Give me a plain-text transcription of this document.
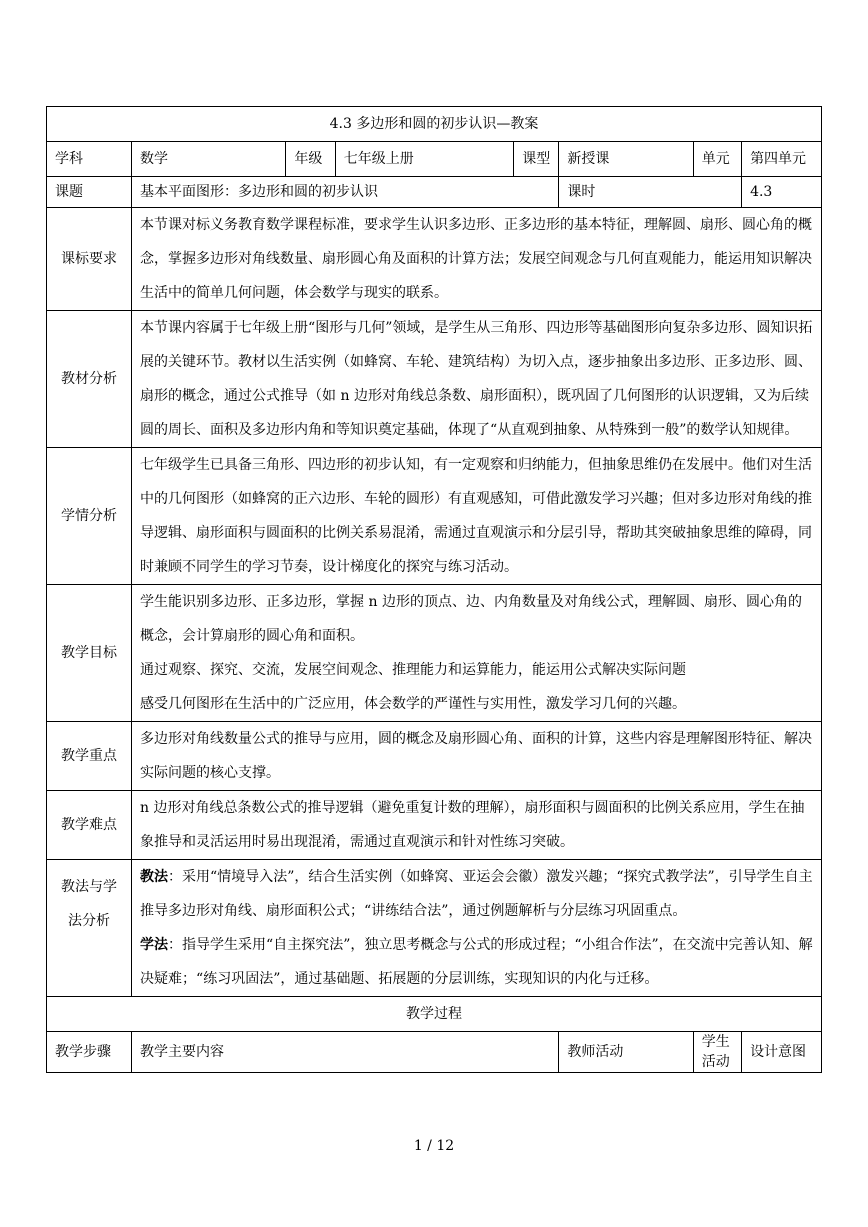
4.3 多边形和圆的初步认识—教案							
学科	数学	年级	七年级上册	课型	新授课	单元	第四单元
课题	基本平面图形：多边形和圆的初步认识				课时		4.3
课标要求	本节课对标义务教育数学课程标准，要求学生认识多边形、正多边形的基本特征，理解圆、扇形、圆心角的概念，掌握多边形对角线数量、扇形圆心角及面积的计算方法；发展空间观念与几何直观能力，能运用知识解决生活中的简单几何问题，体会数学与现实的联系。						

教材分析	本节课内容属于七年级上册“图形与几何”领域，是学生从三角形、四边形等基础图形向复杂多边形、圆知识拓展的关键环节。教材以生活实例（如蜂窝、车轮、建筑结构）为切入点，逐步抽象出多边形、正多边形、圆、扇形的概念，通过公式推导（如 n 边形对角线总条数、扇形面积），既巩固了几何图形的认识逻辑，又为后续圆的周长、面积及多边形内角和等知识奠定基础，体现了“从直观到抽象、从特殊到一般”的数学认知规律。						

学情分析	七年级学生已具备三角形、四边形的初步认知，有一定观察和归纳能力，但抽象思维仍在发展中。他们对生活中的几何图形（如蜂窝的正六边形、车轮的圆形）有直观感知，可借此激发学习兴趣；但对多边形对角线的推导逻辑、扇形面积与圆面积的比例关系易混淆，需通过直观演示和分层引导，帮助其突破抽象思维的障碍，同时兼顾不同学生的学习节奏，设计梯度化的探究与练习活动。						

教学目标	学生能识别多边形、正多边形，掌握 n 边形的顶点、边、内角数量及对角线公式，理解圆、扇形、圆心角的概念，会计算扇形的圆心角和面积。

通过观察、探究、交流，发展空间观念、推理能力和运算能力，能运用公式解决实际问题

感受几何图形在生活中的广泛应用，体会数学的严谨性与实用性，激发学习几何的兴趣。						

教学重点	多边形对角线数量公式的推导与应用，圆的概念及扇形圆心角、面积的计算，这些内容是理解图形特征、解决实际问题的核心支撑。						

教学难点	n 边形对角线总条数公式的推导逻辑（避免重复计数的理解），扇形面积与圆面积的比例关系应用，学生在抽象推导和灵活运用时易出现混淆，需通过直观演示和针对性练习突破。						

教法与学法分析	教法：采用“情境导入法”，结合生活实例（如蜂窝、亚运会会徽）激发兴趣；“探究式教学法”，引导学生自主推导多边形对角线、扇形面积公式；“讲练结合法”，通过例题解析与分层练习巩固重点。

学法：指导学生采用“自主探究法”，独立思考概念与公式的形成过程；“小组合作法”，在交流中完善认知、解决疑难；“练习巩固法”，通过基础题、拓展题的分层训练，实现知识的内化与迁移。						

教学过程							
教学步骤	教学主要内容				教师活动	学生活动	设计意图
1 / 12
